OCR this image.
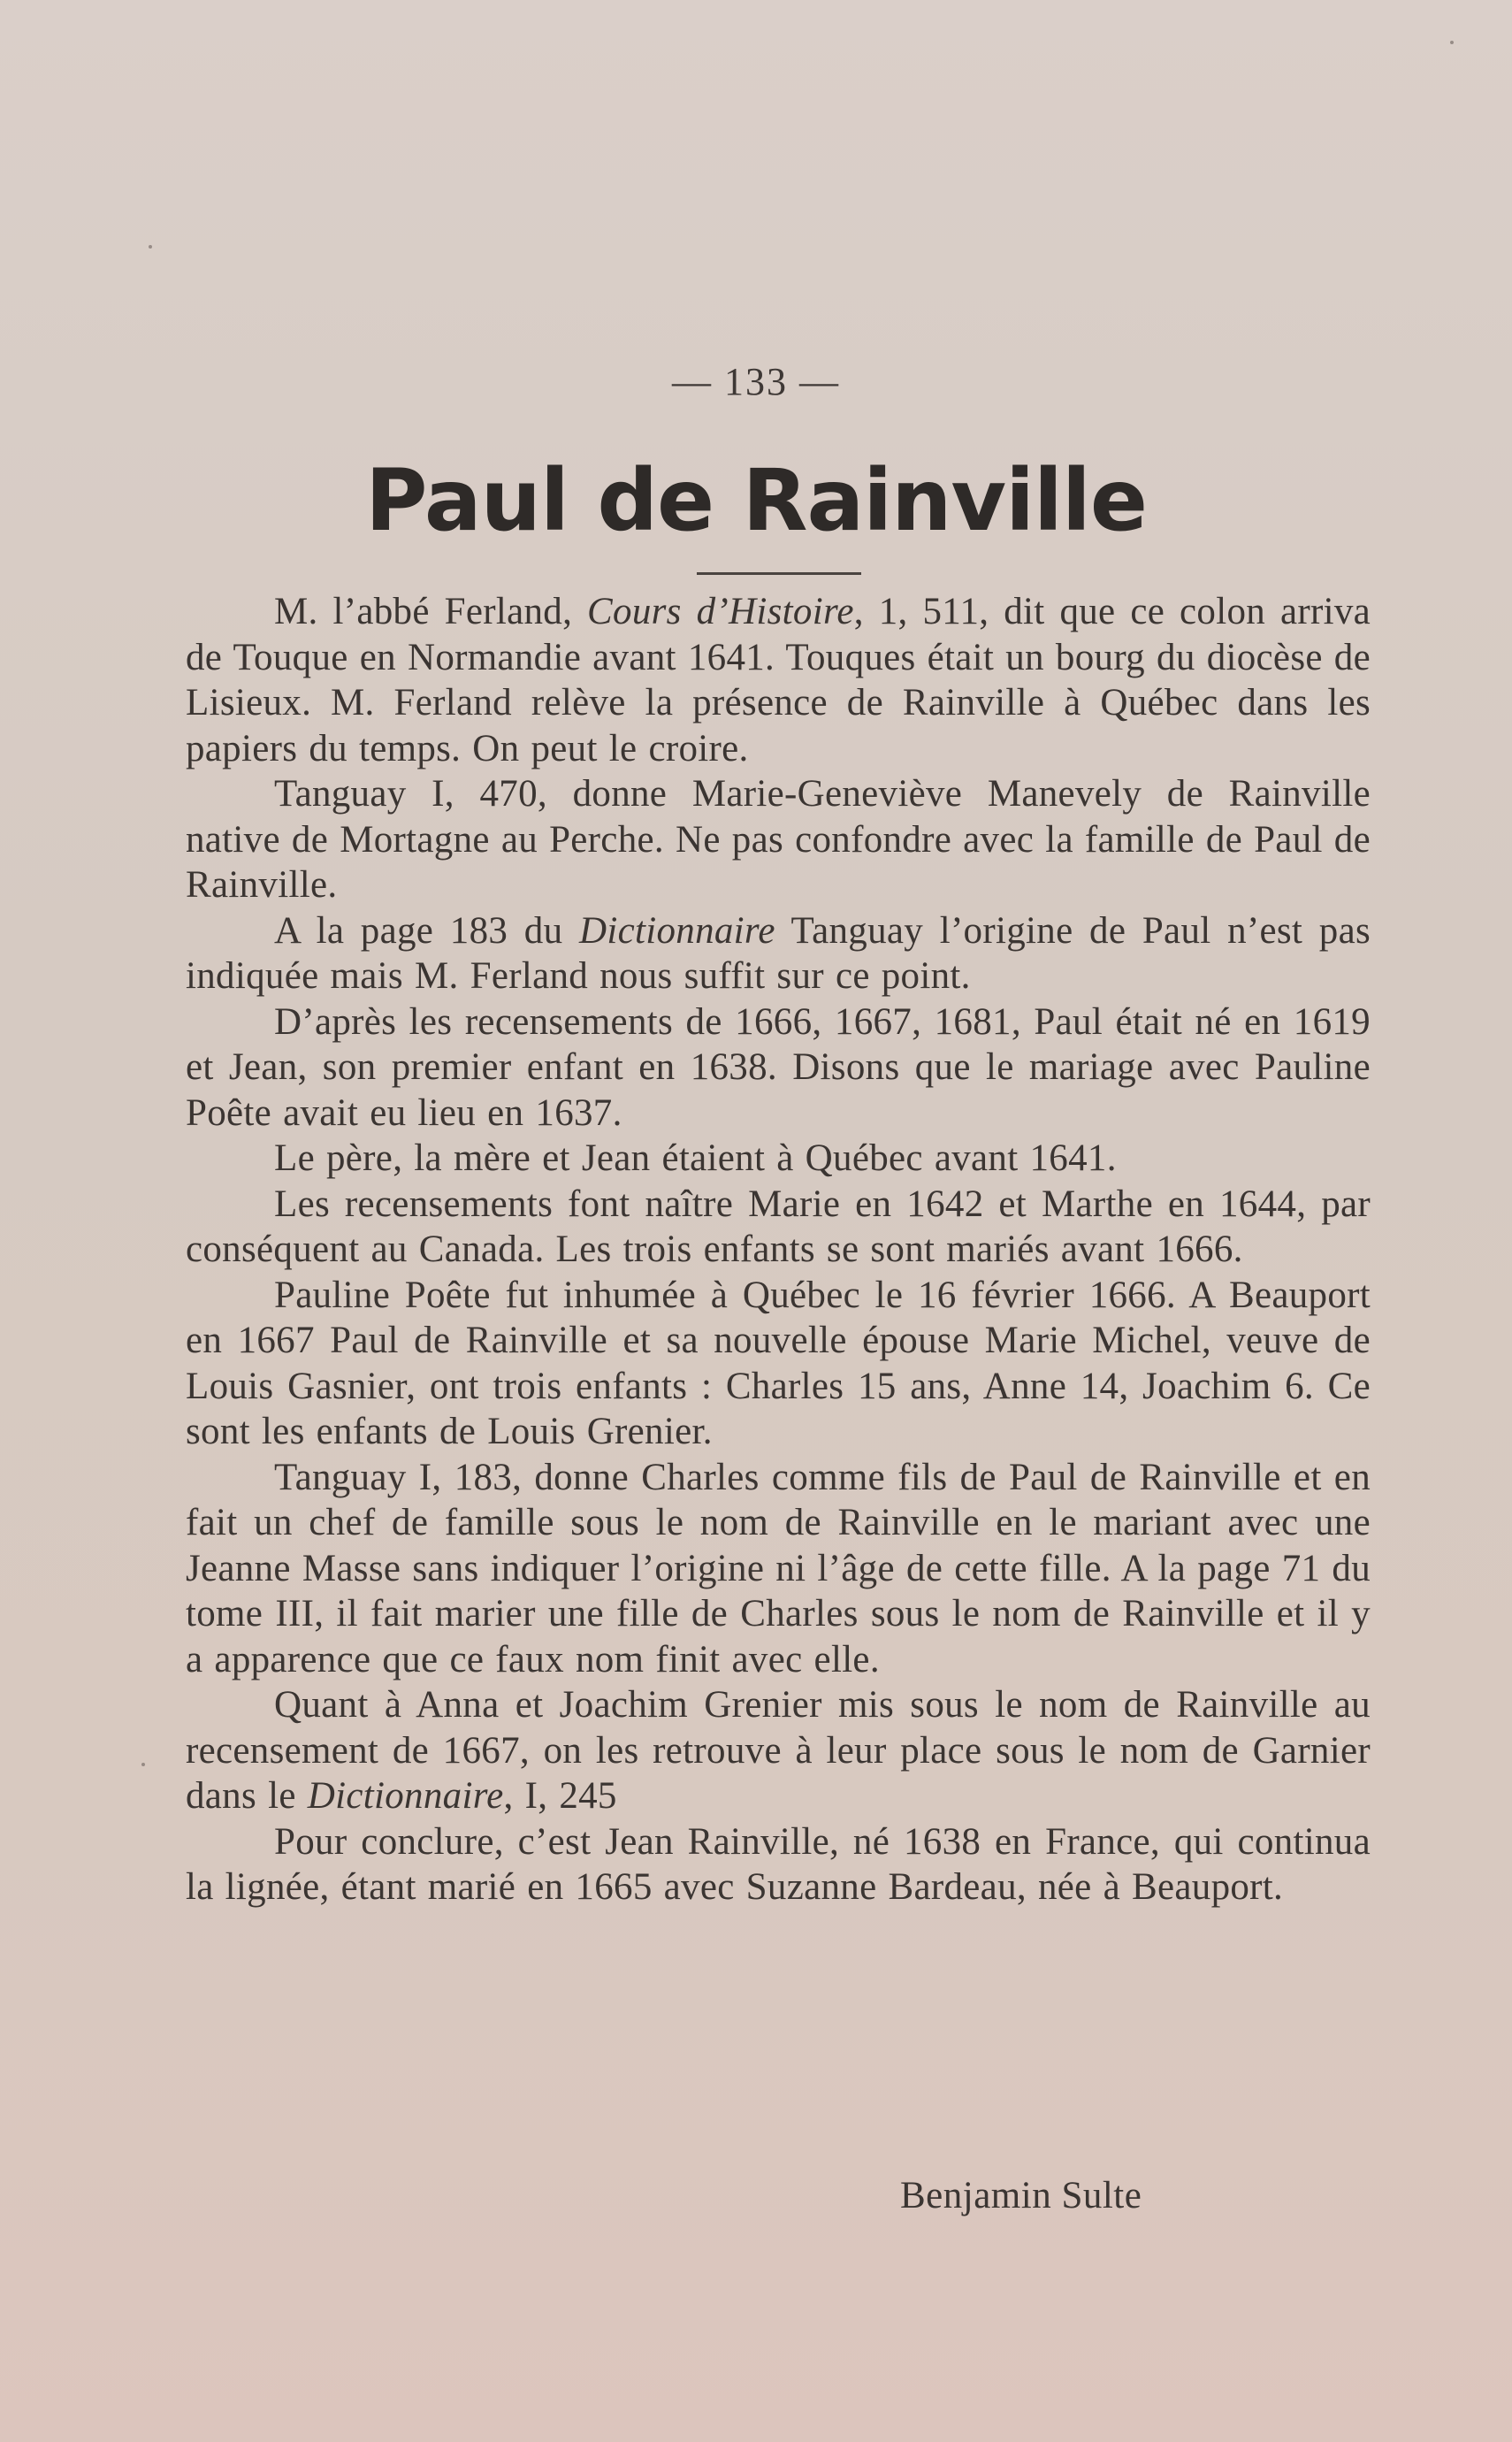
— 133 —
Paul de Rainville

M. l’abbé Ferland, Cours d’Histoire, 1, 511, dit que ce colon arriva de Touque en Normandie avant 1641. Touques était un bourg du diocèse de Lisieux. M. Ferland relève la présence de Rainville à Québec dans les papiers du temps. On peut le croire.

Tanguay I, 470, donne Marie-Geneviève Manevely de Rainville native de Mortagne au Perche. Ne pas confondre avec la famille de Paul de Rainville.

A la page 183 du Dictionnaire Tanguay l’origine de Paul n’est pas indiquée mais M. Ferland nous suffit sur ce point.

D’après les recensements de 1666, 1667, 1681, Paul était né en 1619 et Jean, son premier enfant en 1638. Disons que le mariage avec Pauline Poête avait eu lieu en 1637.

Le père, la mère et Jean étaient à Québec avant 1641.

Les recensements font naître Marie en 1642 et Marthe en 1644, par conséquent au Canada. Les trois enfants se sont mariés avant 1666.

Pauline Poête fut inhumée à Québec le 16 février 1666. A Beauport en 1667 Paul de Rainville et sa nouvelle épouse Marie Michel, veuve de Louis Gasnier, ont trois enfants : Charles 15 ans, Anne 14, Joachim 6. Ce sont les enfants de Louis Grenier.

Tanguay I, 183, donne Charles comme fils de Paul de Rainville et en fait un chef de famille sous le nom de Rainville en le mariant avec une Jeanne Masse sans indiquer l’origine ni l’âge de cette fille. A la page 71 du tome III, il fait marier une fille de Charles sous le nom de Rainville et il y a apparence que ce faux nom finit avec elle.

Quant à Anna et Joachim Grenier mis sous le nom de Rainville au recensement de 1667, on les retrouve à leur place sous le nom de Garnier dans le Dictionnaire, I, 245

Pour conclure, c’est Jean Rainville, né 1638 en France, qui continua la lignée, étant marié en 1665 avec Suzanne Bardeau, née à Beauport.

Benjamin Sulte
